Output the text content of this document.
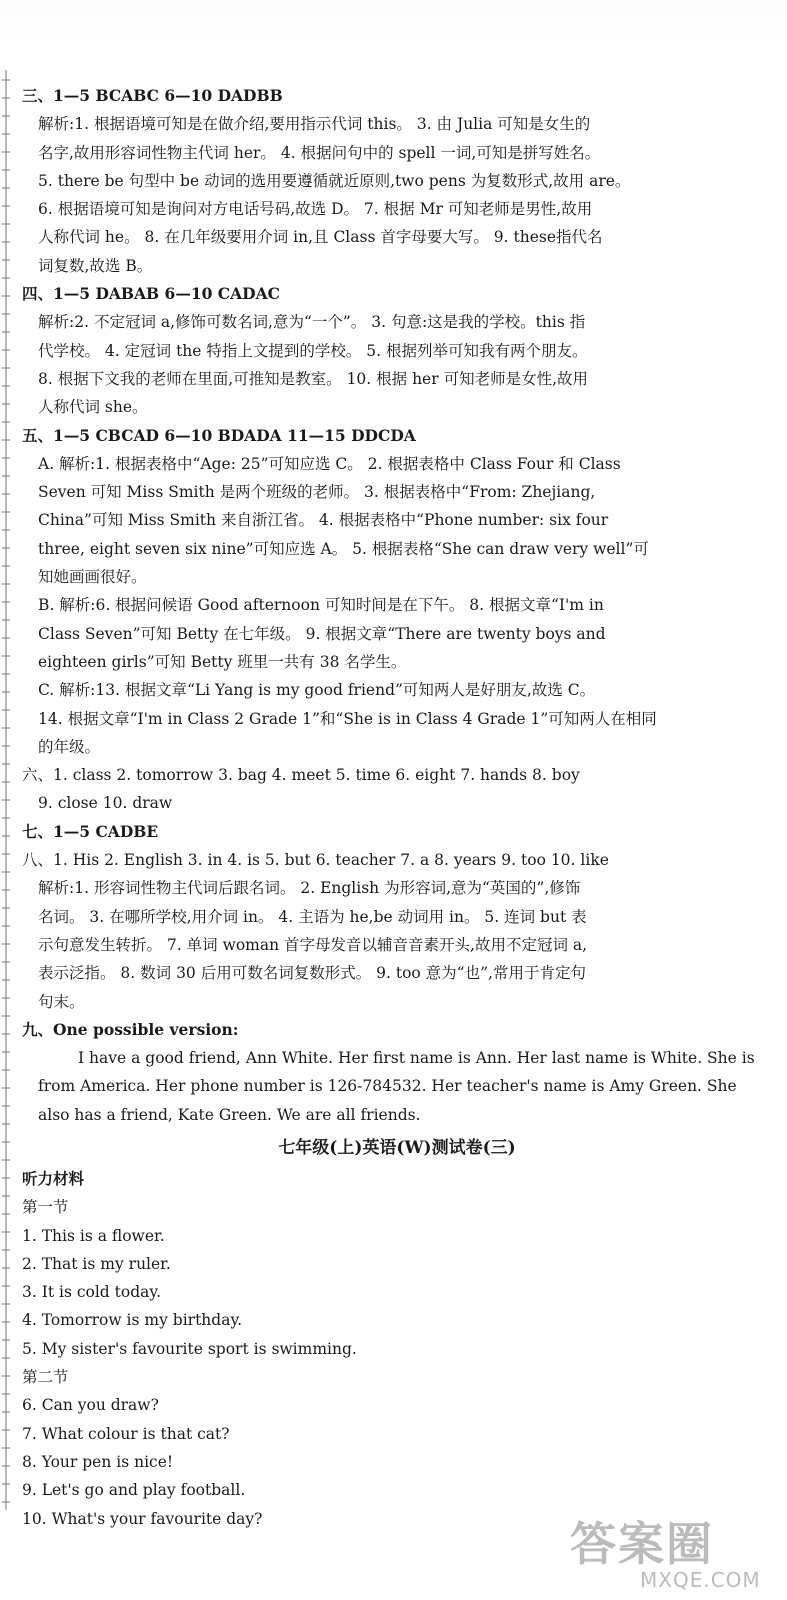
三、1—5 BCABC 6—10 DADBB
解析:1. 根据语境可知是在做介绍,要用指示代词 this。 3. 由 Julia 可知是女生的
名字,故用形容词性物主代词 her。 4. 根据问句中的 spell 一词,可知是拼写姓名。
5. there be 句型中 be 动词的选用要遵循就近原则,two pens 为复数形式,故用 are。
6. 根据语境可知是询问对方电话号码,故选 D。 7. 根据 Mr 可知老师是男性,故用
人称代词 he。 8. 在几年级要用介词 in,且 Class 首字母要大写。 9. these指代名
词复数,故选 B。
四、1—5 DABAB 6—10 CADAC
解析:2. 不定冠词 a,修饰可数名词,意为“一个”。 3. 句意:这是我的学校。this 指
代学校。 4. 定冠词 the 特指上文提到的学校。 5. 根据列举可知我有两个朋友。
8. 根据下文我的老师在里面,可推知是教室。 10. 根据 her 可知老师是女性,故用
人称代词 she。
五、1—5 CBCAD 6—10 BDADA 11—15 DDCDA
A. 解析:1. 根据表格中“Age: 25”可知应选 C。 2. 根据表格中 Class Four 和 Class
Seven 可知 Miss Smith 是两个班级的老师。 3. 根据表格中“From: Zhejiang,
China”可知 Miss Smith 来自浙江省。 4. 根据表格中“Phone number: six four
three, eight seven six nine”可知应选 A。 5. 根据表格“She can draw very well”可
知她画画很好。
B. 解析:6. 根据问候语 Good afternoon 可知时间是在下午。 8. 根据文章“I'm in
Class Seven”可知 Betty 在七年级。 9. 根据文章“There are twenty boys and
eighteen girls”可知 Betty 班里一共有 38 名学生。
C. 解析:13. 根据文章“Li Yang is my good friend”可知两人是好朋友,故选 C。
14. 根据文章“I'm in Class 2 Grade 1”和“She is in Class 4 Grade 1”可知两人在相同
的年级。
六、1. class 2. tomorrow 3. bag 4. meet 5. time 6. eight 7. hands 8. boy
9. close 10. draw
七、1—5 CADBE
八、1. His 2. English 3. in 4. is 5. but 6. teacher 7. a 8. years 9. too 10. like
解析:1. 形容词性物主代词后跟名词。 2. English 为形容词,意为“英国的”,修饰
名词。 3. 在哪所学校,用介词 in。 4. 主语为 he,be 动词用 in。 5. 连词 but 表
示句意发生转折。 7. 单词 woman 首字母发音以辅音音素开头,故用不定冠词 a,
表示泛指。 8. 数词 30 后用可数名词复数形式。 9. too 意为“也”,常用于肯定句
句末。
九、One possible version:
I have a good friend, Ann White. Her first name is Ann. Her last name is White. She is from America. Her phone number is 126-784532. Her teacher's name is Amy Green. She also has a friend, Kate Green. We are all friends.
七年级(上)英语(W)测试卷(三)
听力材料
第一节
1. This is a flower.
2. That is my ruler.
3. It is cold today.
4. Tomorrow is my birthday.
5. My sister's favourite sport is swimming.
第二节
6. Can you draw?
7. What colour is that cat?
8. Your pen is nice!
9. Let's go and play football.
10. What's your favourite day?	答案圈
MXQE.COM
